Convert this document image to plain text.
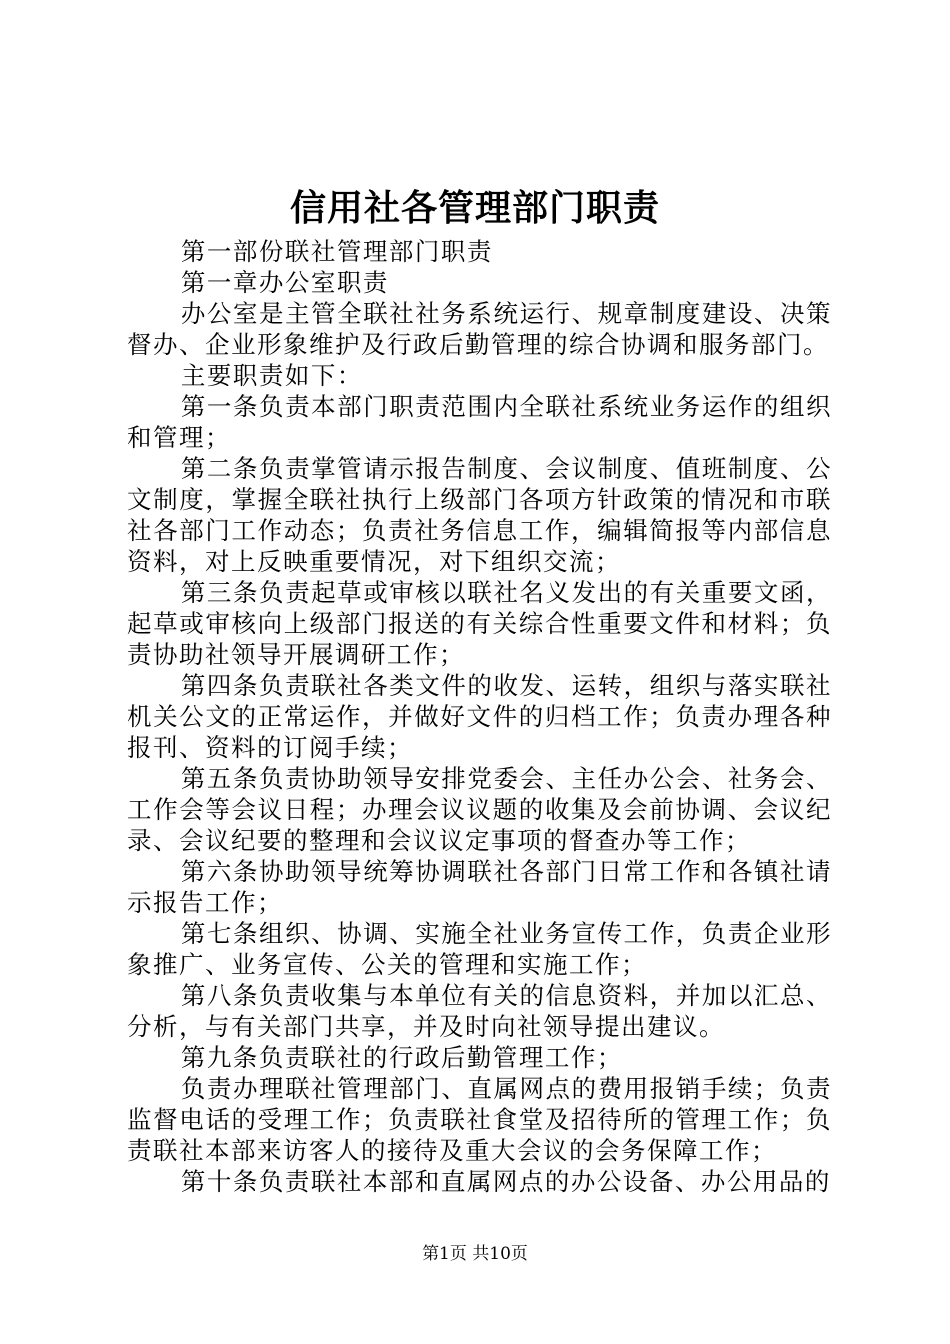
信用社各管理部门职责

第一部份联社管理部门职责

第一章办公室职责

办公室是主管全联社社务系统运行、规章制度建设、决策督办、企业形象维护及行政后勤管理的综合协调和服务部门。

主要职责如下：

第一条负责本部门职责范围内全联社系统业务运作的组织和管理；

第二条负责掌管请示报告制度、会议制度、值班制度、公文制度，掌握全联社执行上级部门各项方针政策的情况和市联社各部门工作动态；负责社务信息工作，编辑简报等内部信息资料，对上反映重要情况，对下组织交流；

第三条负责起草或审核以联社名义发出的有关重要文函，起草或审核向上级部门报送的有关综合性重要文件和材料；负责协助社领导开展调研工作；

第四条负责联社各类文件的收发、运转，组织与落实联社机关公文的正常运作，并做好文件的归档工作；负责办理各种报刊、资料的订阅手续；

第五条负责协助领导安排党委会、主任办公会、社务会、工作会等会议日程；办理会议议题的收集及会前协调、会议纪录、会议纪要的整理和会议议定事项的督查办等工作；

第六条协助领导统筹协调联社各部门日常工作和各镇社请示报告工作；

第七条组织、协调、实施全社业务宣传工作，负责企业形象推广、业务宣传、公关的管理和实施工作；

第八条负责收集与本单位有关的信息资料，并加以汇总、分析，与有关部门共享，并及时向社领导提出建议。

第九条负责联社的行政后勤管理工作；

负责办理联社管理部门、直属网点的费用报销手续；负责监督电话的受理工作；负责联社食堂及招待所的管理工作；负责联社本部来访客人的接待及重大会议的会务保障工作；

第十条负责联社本部和直属网点的办公设备、办公用品的

第1页 共10页
